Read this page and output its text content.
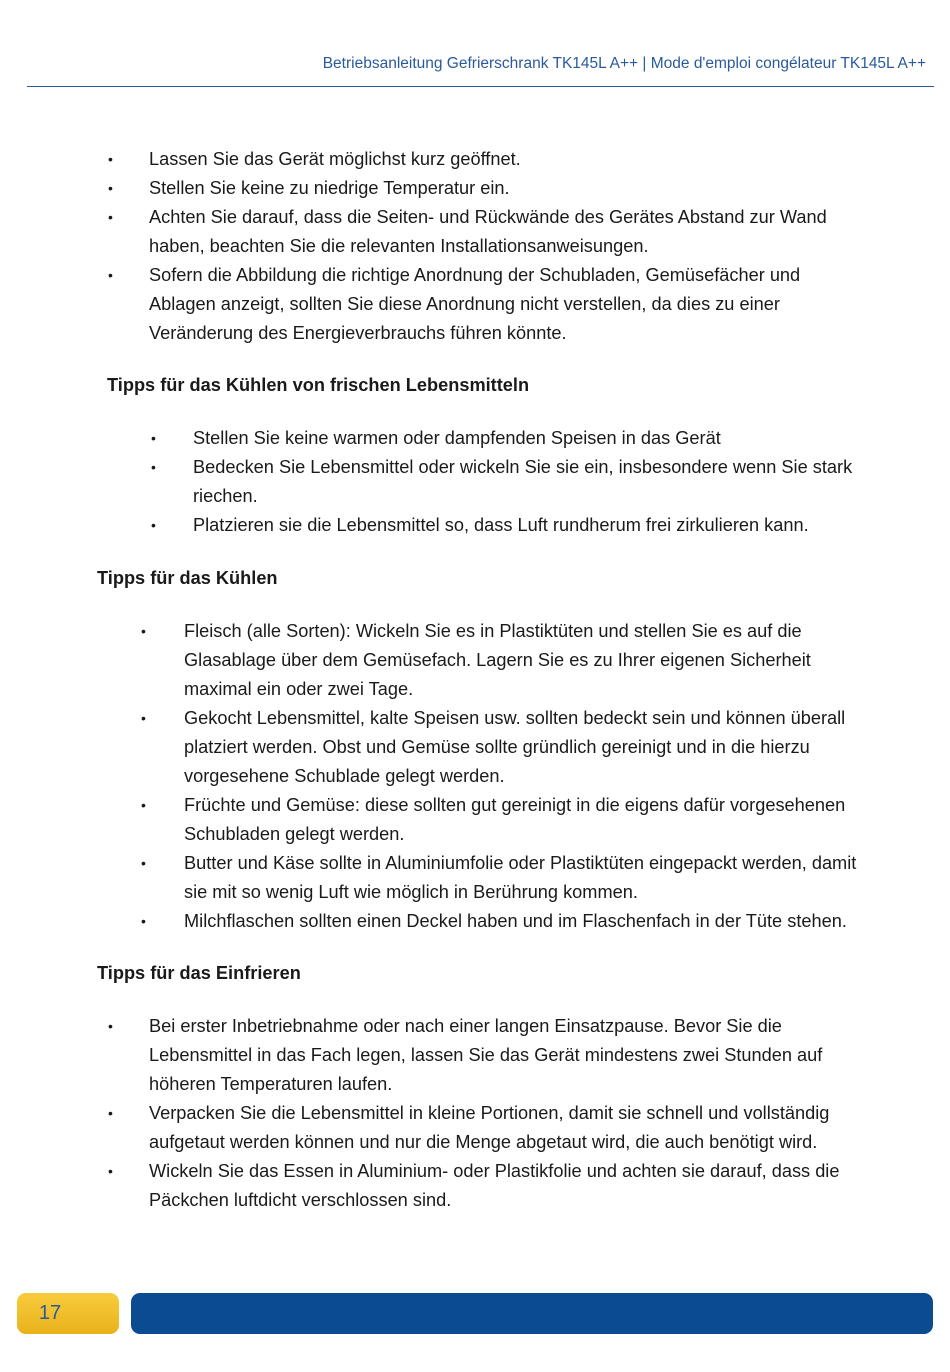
Betriebsanleitung Gefrierschrank TK145L A++ | Mode d'emploi congélateur TK145L A++
• Lassen Sie das Gerät möglichst kurz geöffnet.
• Stellen Sie keine zu niedrige Temperatur ein.
• Achten Sie darauf, dass die Seiten- und Rückwände des Gerätes Abstand zur Wand haben, beachten Sie die relevanten Installationsanweisungen.
• Sofern die Abbildung die richtige Anordnung der Schubladen, Gemüsefächer und Ablagen anzeigt, sollten Sie diese Anordnung nicht verstellen, da dies zu einer Veränderung des Energieverbrauchs führen könnte.
Tipps für das Kühlen von frischen Lebensmitteln
• Stellen Sie keine warmen oder dampfenden Speisen in das Gerät
• Bedecken Sie Lebensmittel oder wickeln Sie sie ein, insbesondere wenn Sie stark riechen.
• Platzieren sie die Lebensmittel so, dass Luft rundherum frei zirkulieren kann.
Tipps für das Kühlen
• Fleisch (alle Sorten): Wickeln Sie es in Plastiktüten und stellen Sie es auf die Glasablage über dem Gemüsefach. Lagern Sie es zu Ihrer eigenen Sicherheit maximal ein oder zwei Tage.
• Gekocht Lebensmittel, kalte Speisen usw. sollten bedeckt sein und können überall platziert werden. Obst und Gemüse sollte gründlich gereinigt und in die hierzu vorgesehene Schublade gelegt werden.
• Früchte und Gemüse: diese sollten gut gereinigt in die eigens dafür vorgesehenen Schubladen gelegt werden.
• Butter und Käse sollte in Aluminiumfolie oder Plastiktüten eingepackt werden, damit sie mit so wenig Luft wie möglich in Berührung kommen.
• Milchflaschen sollten einen Deckel haben und im Flaschenfach in der Tüte stehen.
Tipps für das Einfrieren
• Bei erster Inbetriebnahme oder nach einer langen Einsatzpause. Bevor Sie die Lebensmittel in das Fach legen, lassen Sie das Gerät mindestens zwei Stunden auf höheren Temperaturen laufen.
• Verpacken Sie die Lebensmittel in kleine Portionen, damit sie schnell und vollständig aufgetaut werden können und nur die Menge abgetaut wird, die auch benötigt wird.
• Wickeln Sie das Essen in Aluminium- oder Plastikfolie und achten sie darauf, dass die Päckchen luftdicht verschlossen sind.
17
